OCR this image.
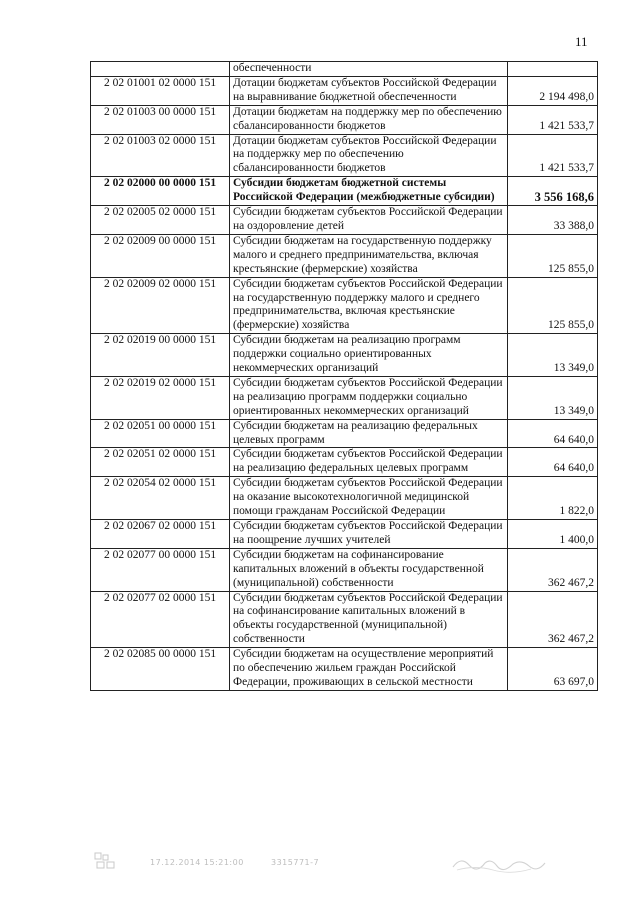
11
	обеспеченности	
2 02 01001 02 0000 151	Дотации бюджетам субъектов Российской Федерации на выравнивание бюджетной обеспеченности	2 194 498,0
2 02 01003 00 0000 151	Дотации бюджетам на поддержку мер по обеспечению сбалансированности бюджетов	1 421 533,7
2 02 01003 02 0000 151	Дотации бюджетам субъектов Российской Федерации на поддержку мер по обеспечению сбалансированности бюджетов	1 421 533,7
2 02 02000 00 0000 151	Субсидии бюджетам бюджетной системы Российской Федерации (межбюджетные субсидии)	3 556 168,6
2 02 02005 02 0000 151	Субсидии бюджетам субъектов Российской Федерации на оздоровление детей	33 388,0
2 02 02009 00 0000 151	Субсидии бюджетам на государственную поддержку малого и среднего предпринимательства, включая крестьянские (фермерские) хозяйства	125 855,0
2 02 02009 02 0000 151	Субсидии бюджетам субъектов Российской Федерации на государственную поддержку малого и среднего предпринимательства, включая крестьянские (фермерские) хозяйства	125 855,0
2 02 02019 00 0000 151	Субсидии бюджетам на реализацию программ поддержки социально ориентированных некоммерческих организаций	13 349,0
2 02 02019 02 0000 151	Субсидии бюджетам субъектов Российской Федерации на реализацию программ поддержки социально ориентированных некоммерческих организаций	13 349,0
2 02 02051 00 0000 151	Субсидии бюджетам на реализацию федеральных целевых программ	64 640,0
2 02 02051 02 0000 151	Субсидии бюджетам субъектов Российской Федерации на реализацию федеральных целевых программ	64 640,0
2 02 02054 02 0000 151	Субсидии бюджетам субъектов Российской Федерации на оказание высокотехнологичной медицинской помощи гражданам Российской Федерации	1 822,0
2 02 02067 02 0000 151	Субсидии бюджетам субъектов Российской Федерации на поощрение лучших учителей	1 400,0
2 02 02077 00 0000 151	Субсидии бюджетам на софинансирование капитальных вложений в объекты государственной (муниципальной) собственности	362 467,2
2 02 02077 02 0000 151	Субсидии бюджетам субъектов Российской Федерации на софинансирование капитальных вложений в объекты государственной (муниципальной) собственности	362 467,2
2 02 02085 00 0000 151	Субсидии бюджетам на осуществление мероприятий по обеспечению жильем граждан Российской Федерации, проживающих в сельской местности	63 697,0
17.12.2014 15:21:00	3315771-7
